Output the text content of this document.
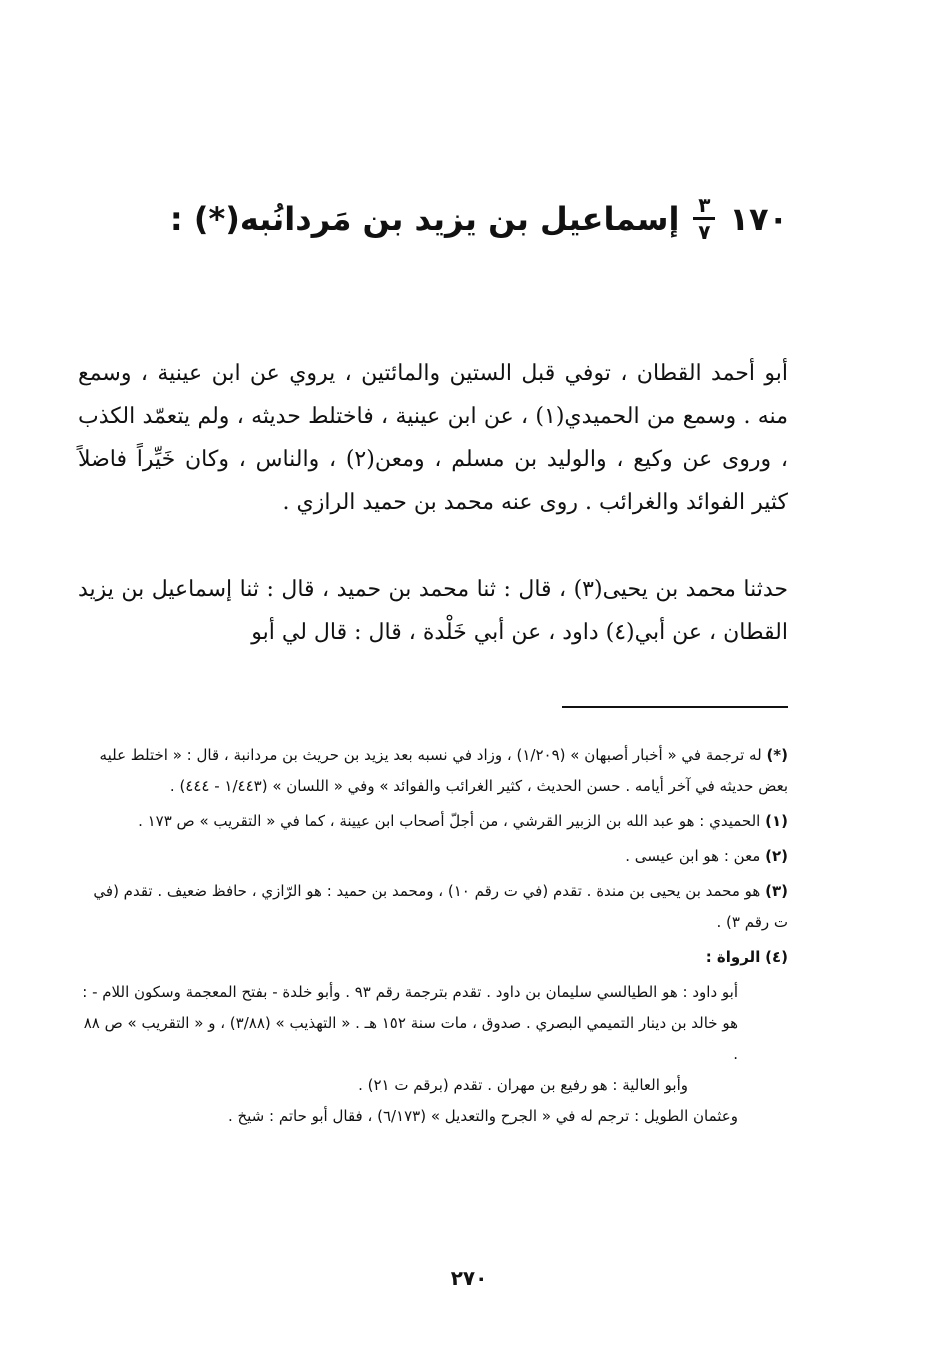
١٧٠
$\frac{٣}{٧}$
إسماعيل بن يزيد بن مَردانُبه(*) :

أبو أحمد القطان ، توفي قبل الستين والمائتين ، يروي عن ابن عينية ، وسمع منه . وسمع من الحميدي(١) ، عن ابن عينية ، فاختلط حديثه ، ولم يتعمّد الكذب ، وروى عن وكيع ، والوليد بن مسلم ، ومعن(٢) ، والناس ، وكان خَيِّراً فاضلاً كثير الفوائد والغرائب . روى عنه محمد بن حميد الرازي .

حدثنا محمد بن يحيى(٣) ، قال : ثنا محمد بن حميد ، قال : ثنا إسماعيل بن يزيد القطان ، عن أبي(٤) داود ، عن أبي خَلْدة ، قال : قال لي أبو

(*) له ترجمة في « أخبار أصبهان » (١/٢٠٩) ، وزاد في نسبه بعد يزيد بن حريث بن مردانبة ، قال : « اختلط عليه بعض حديثه في آخر أيامه . حسن الحديث ، كثير الغرائب والفوائد » وفي « اللسان » (١/٤٤٣ - ٤٤٤) .

(١) الحميدي : هو عبد الله بن الزبير القرشي ، من أجلّ أصحاب ابن عيينة ، كما في « التقريب » ص ١٧٣ .

(٢) معن : هو ابن عيسى .

(٣) هو محمد بن يحيى بن مندة . تقدم (في ت رقم ١٠) ، ومحمد بن حميد : هو الرّازي ، حافظ ضعيف . تقدم (في ت رقم ٣) .

(٤) الرواة :

أبو داود : هو الطيالسي سليمان بن داود . تقدم بترجمة رقم ٩٣ . وأبو خلدة - بفتح المعجمة وسكون اللام - : هو خالد بن دينار التميمي البصري . صدوق ، مات سنة ١٥٢ هـ . « التهذيب » (٣/٨٨) ، و « التقريب » ص ٨٨ .

وأبو العالية : هو رفيع بن مهران . تقدم (برقم ت ٢١) .

وعثمان الطويل : ترجم له في « الجرح والتعديل » (٦/١٧٣) ، فقال أبو حاتم : شيخ .

٢٧٠
